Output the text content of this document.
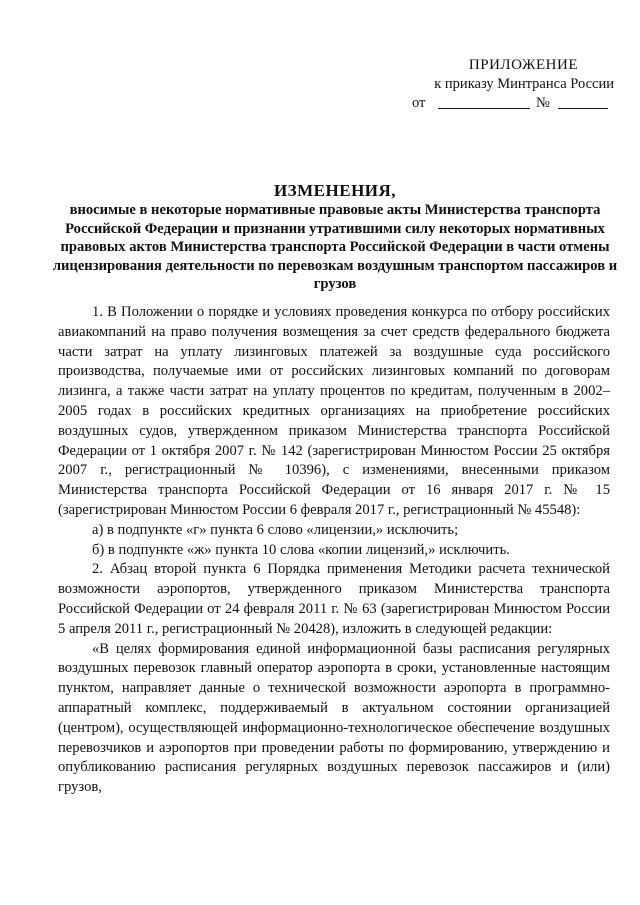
ПРИЛОЖЕНИЕ
к приказу Минтранса России
от	№
ИЗМЕНЕНИЯ,
вносимые в некоторые нормативные правовые акты Министерства транспорта Российской Федерации и признании утратившими силу некоторых нормативных правовых актов Министерства транспорта Российской Федерации в части отмены лицензирования деятельности по перевозкам воздушным транспортом пассажиров и грузов

1. В Положении о порядке и условиях проведения конкурса по отбору российских авиакомпаний на право получения возмещения за счет средств федерального бюджета части затрат на уплату лизинговых платежей за воздушные суда российского производства, получаемые ими от российских лизинговых компаний по договорам лизинга, а также части затрат на уплату процентов по кредитам, полученным в 2002–2005 годах в российских кредитных организациях на приобретение российских воздушных судов, утвержденном приказом Министерства транспорта Российской Федерации от 1 октября 2007 г. № 142 (зарегистрирован Минюстом России 25 октября 2007 г., регистрационный № 10396), с изменениями, внесенными приказом Министерства транспорта Российской Федерации от 16 января 2017 г. № 15 (зарегистрирован Минюстом России 6 февраля 2017 г., регистрационный № 45548):

а) в подпункте «г» пункта 6 слово «лицензии,» исключить;

б) в подпункте «ж» пункта 10 слова «копии лицензий,» исключить.

2. Абзац второй пункта 6 Порядка применения Методики расчета технической возможности аэропортов, утвержденного приказом Министерства транспорта Российской Федерации от 24 февраля 2011 г. № 63 (зарегистрирован Минюстом России 5 апреля 2011 г., регистрационный № 20428), изложить в следующей редакции:

«В целях формирования единой информационной базы расписания регулярных воздушных перевозок главный оператор аэропорта в сроки, установленные настоящим пунктом, направляет данные о технической возможности аэропорта в программно-аппаратный комплекс, поддерживаемый в актуальном состоянии организацией (центром), осуществляющей информационно-технологическое обеспечение воздушных перевозчиков и аэропортов при проведении работы по формированию, утверждению и опубликованию расписания регулярных воздушных перевозок пассажиров и (или) грузов,
